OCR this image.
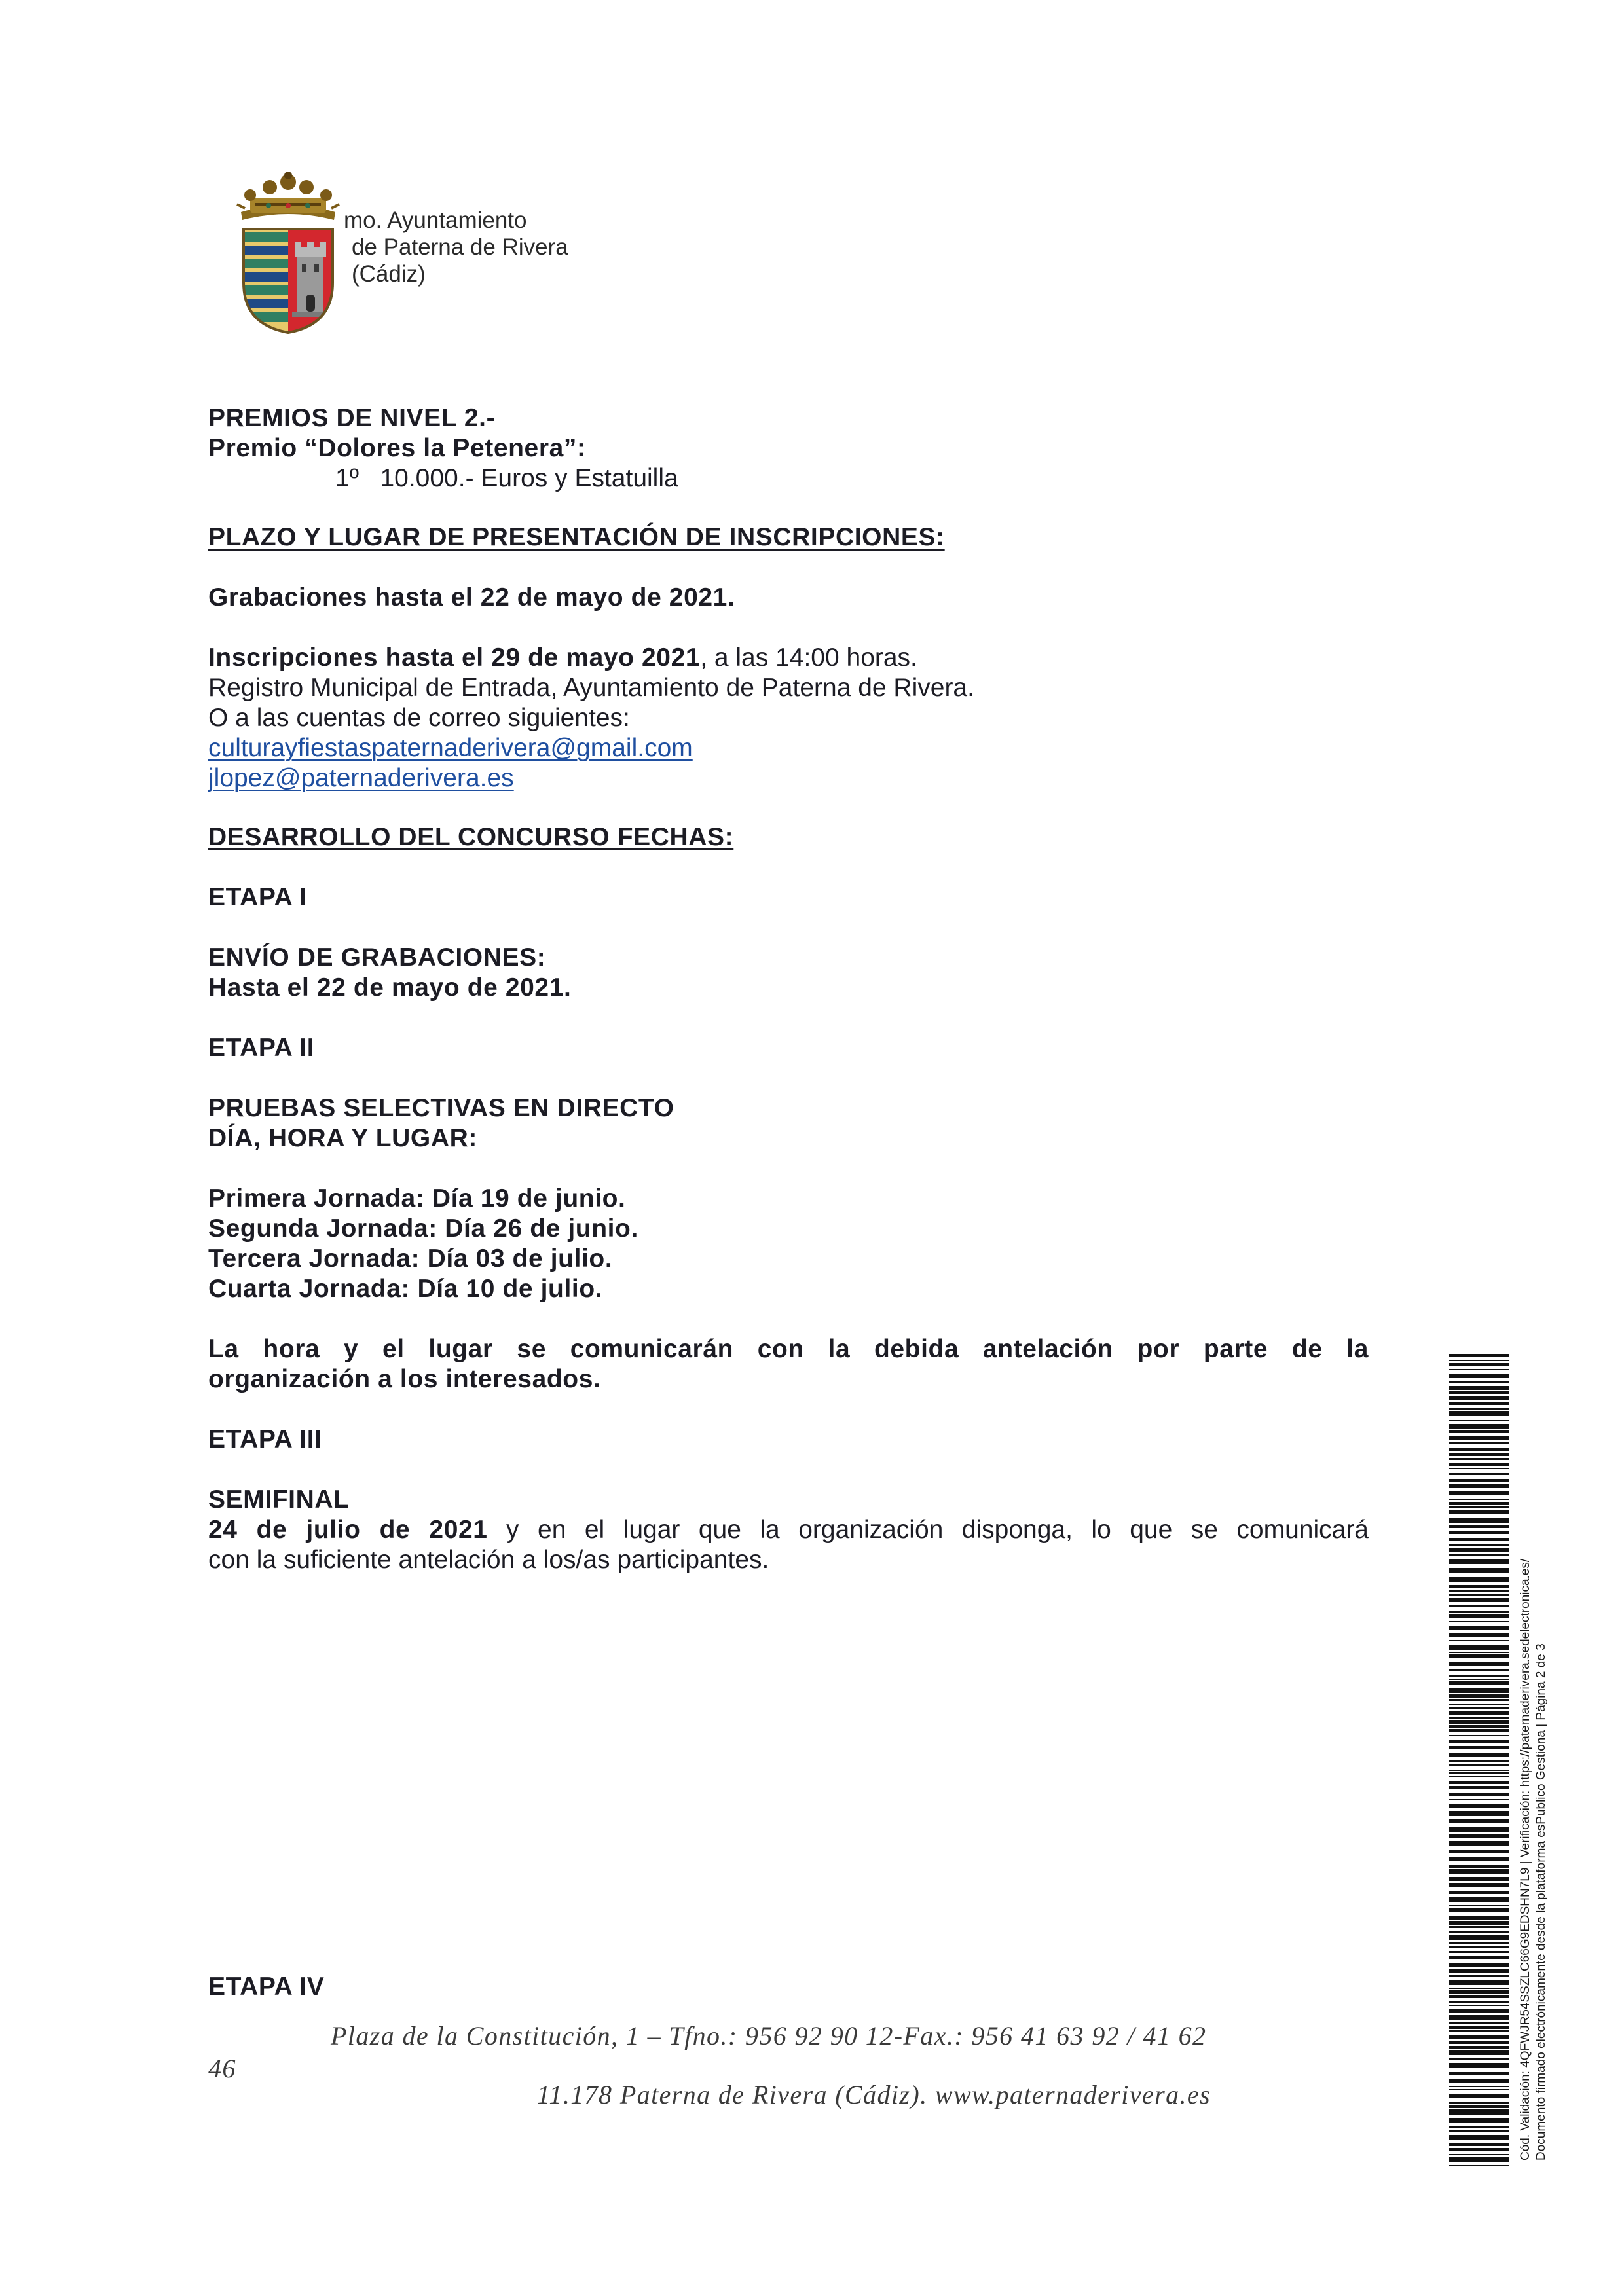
mo. Ayuntamiento
de Paterna de Rivera
(Cádiz)
PREMIOS DE NIVEL 2.-
Premio “Dolores la Petenera”:
1º 10.000.- Euros y Estatuilla
PLAZO Y LUGAR DE PRESENTACIÓN DE INSCRIPCIONES:
Grabaciones hasta el 22 de mayo de 2021.
Inscripciones hasta el 29 de mayo 2021, a las 14:00 horas.
Registro Municipal de Entrada, Ayuntamiento de Paterna de Rivera.
O a las cuentas de correo siguientes:
culturayfiestaspaternaderivera@gmail.com
jlopez@paternaderivera.es
DESARROLLO DEL CONCURSO FECHAS:
ETAPA I
ENVÍO DE GRABACIONES:
Hasta el 22 de mayo de 2021.
ETAPA II
PRUEBAS SELECTIVAS EN DIRECTO
DÍA, HORA Y LUGAR:
Primera Jornada: Día 19 de junio.
Segunda Jornada: Día 26 de junio.
Tercera Jornada: Día 03 de julio.
Cuarta Jornada: Día 10 de julio.
La hora y el lugar se comunicarán con la debida antelación por parte de la
organización a los interesados.
ETAPA III
SEMIFINAL
24 de julio de 2021 y en el lugar que la organización disponga, lo que se comunicará
con la suficiente antelación a los/as participantes.
ETAPA IV
46
Plaza de la Constitución, 1 – Tfno.: 956 92 90 12-Fax.: 956 41 63 92 / 41 62
11.178 Paterna de Rivera (Cádiz). www.paternaderivera.es	Cód. Validación: 4QFWJR54SSZLC66G9EDSHN7L9 | Verificación: https://paternaderivera.sedelectronica.es/ Documento firmado electrónicamente desde la plataforma esPublico Gestiona | Página 2 de 3
